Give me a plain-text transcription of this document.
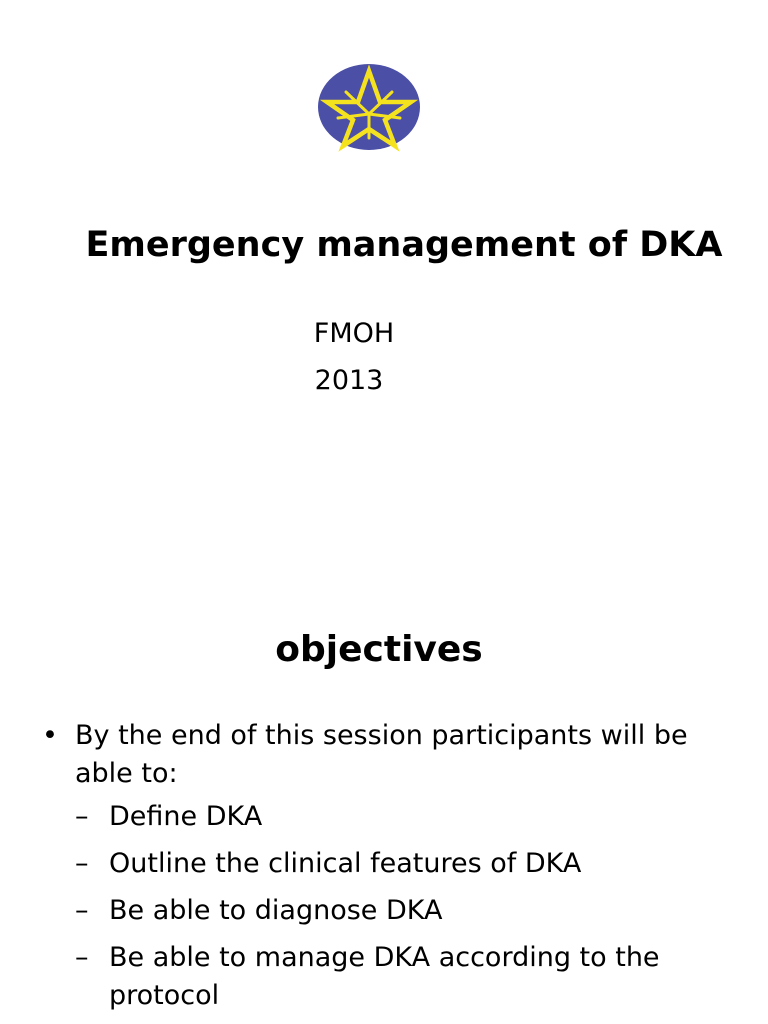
Emergency management of DKA
FMOH
2013
objectives
• By the end of this session participants will be able to:
– Define DKA
– Outline the clinical features of DKA
– Be able to diagnose DKA
– Be able to manage DKA according to the protocol
